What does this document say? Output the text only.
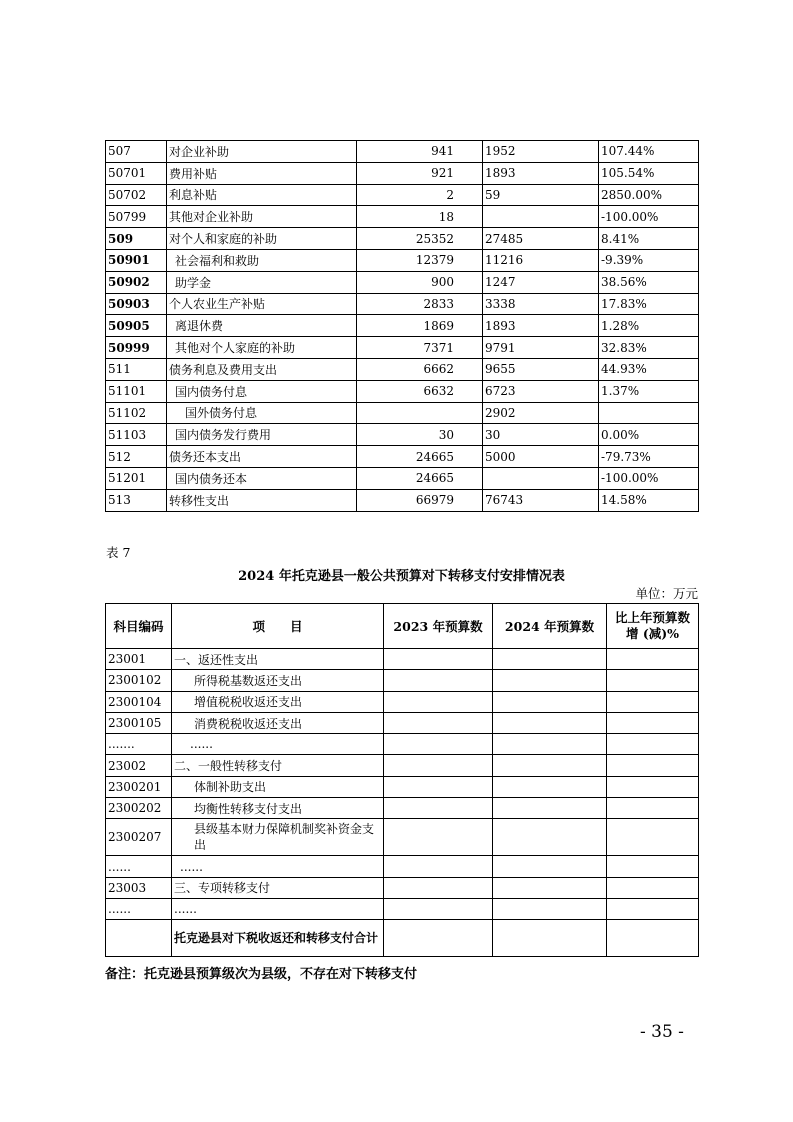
507	对企业补助	941	1952	107.44%
50701	费用补贴	921	1893	105.54%
50702	利息补贴	2	59	2850.00%
50799	其他对企业补助	18		-100.00%
509	对个人和家庭的补助	25352	27485	8.41%
50901	社会福利和救助	12379	11216	-9.39%
50902	助学金	900	1247	38.56%
50903	个人农业生产补贴	2833	3338	17.83%
50905	离退休费	1869	1893	1.28%
50999	其他对个人家庭的补助	7371	9791	32.83%
511	债务利息及费用支出	6662	9655	44.93%
51101	国内债务付息	6632	6723	1.37%
51102	国外债务付息		2902	
51103	国内债务发行费用	30	30	0.00%
512	债务还本支出	24665	5000	-79.73%
51201	国内债务还本	24665		-100.00%
513	转移性支出	66979	76743	14.58%
表 7
2024 年托克逊县一般公共预算对下转移支付安排情况表
单位：万元
科目编码	项　　目	2023 年预算数	2024 年预算数	比上年预算数增 (减)%
23001	一、返还性支出			
2300102	所得税基数返还支出			
2300104	增值税税收返还支出			
2300105	消费税税收返还支出			
.......	......			
23002	二、一般性转移支付			
2300201	体制补助支出			
2300202	均衡性转移支付支出			
2300207	县级基本财力保障机制奖补资金支出			
......	......			
23003	三、专项转移支付			
......	......			
	托克逊县对下税收返还和转移支付合计			
备注：托克逊县预算级次为县级，不存在对下转移支付
- 35 -
